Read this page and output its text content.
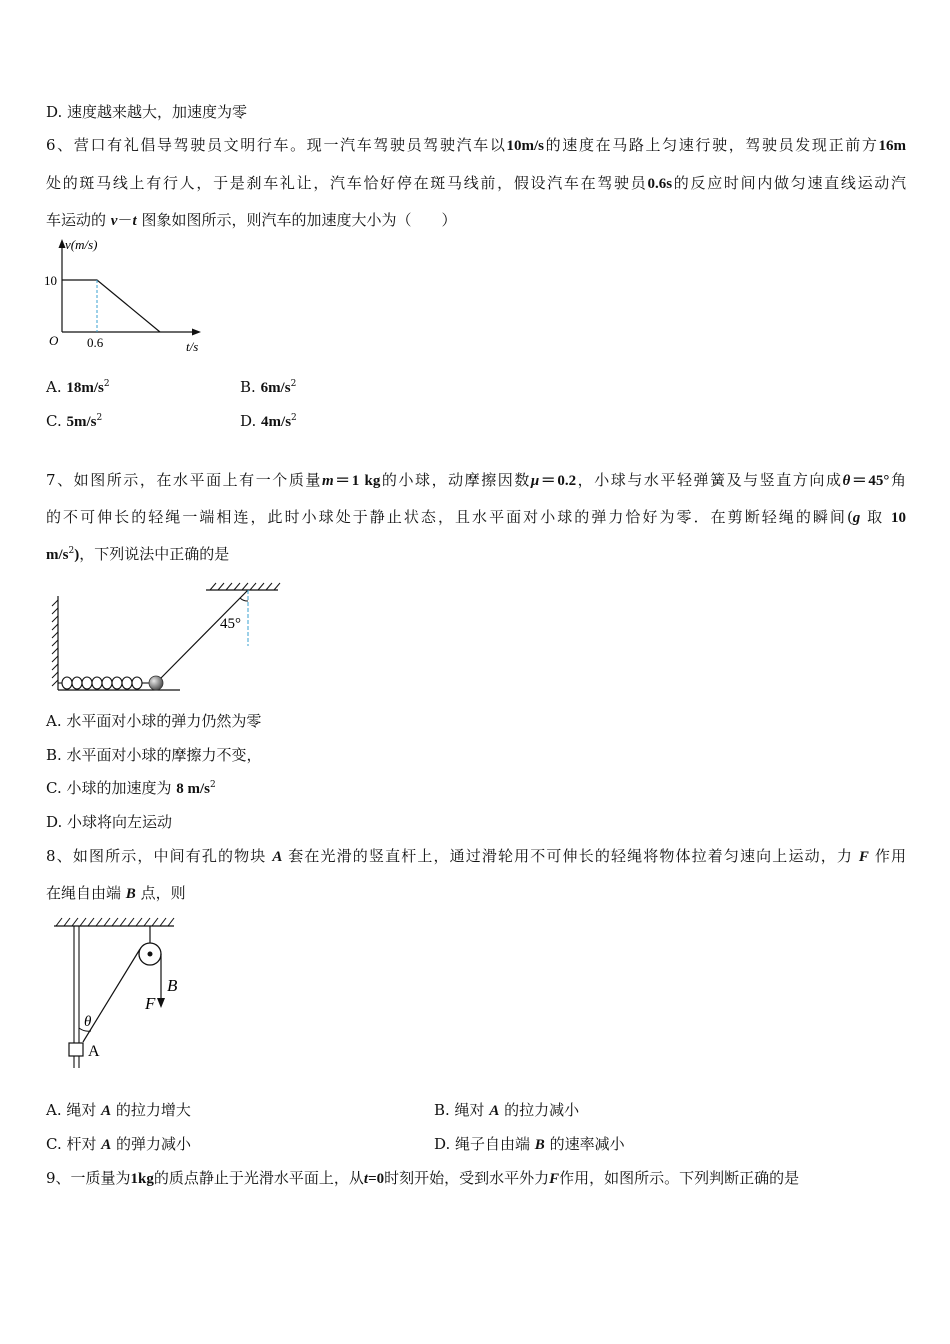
D. 速度越来越大，加速度为零
6、营口有礼倡导驾驶员文明行车。现一汽车驾驶员驾驶汽车以10m/s的速度在马路上匀速行驶，驾驶员发现正前方16m
处的斑马线上有行人，于是刹车礼让，汽车恰好停在斑马线前，假设汽车在驾驶员0.6s的反应时间内做匀速直线运动汽
车运动的 v－t 图象如图所示，则汽车的加速度大小为（　　）
v(m/s)
10
O 0.6	t/s
A. $18m/s^2$	B. $6m/s^2$
C. $5m/s^2$	D. $4m/s^2$
7、如图所示，在水平面上有一个质量m＝1 kg的小球，动摩擦因数μ＝0.2，小球与水平轻弹簧及与竖直方向成θ＝45°角
的不可伸长的轻绳一端相连，此时小球处于静止状态，且水平面对小球的弹力恰好为零．在剪断轻绳的瞬间(g 取 10
$m/s^2$)，下列说法中正确的是
45°
A. 水平面对小球的弹力仍然为零
B. 水平面对小球的摩擦力不变，
C. 小球的加速度为 8 $m/s^2$
D. 小球将向左运动
8、如图所示，中间有孔的物块 A 套在光滑的竖直杆上，通过滑轮用不可伸长的轻绳将物体拉着匀速向上运动，力 F 作用
在绳自由端 B 点，则
B
F
θ
A
A. 绳对 A 的拉力增大	B. 绳对 A 的拉力减小
C. 杆对 A 的弹力减小	D. 绳子自由端 B 的速率减小
9、一质量为1kg的质点静止于光滑水平面上，从t=0时刻开始，受到水平外力F作用，如图所示。下列判断正确的是
